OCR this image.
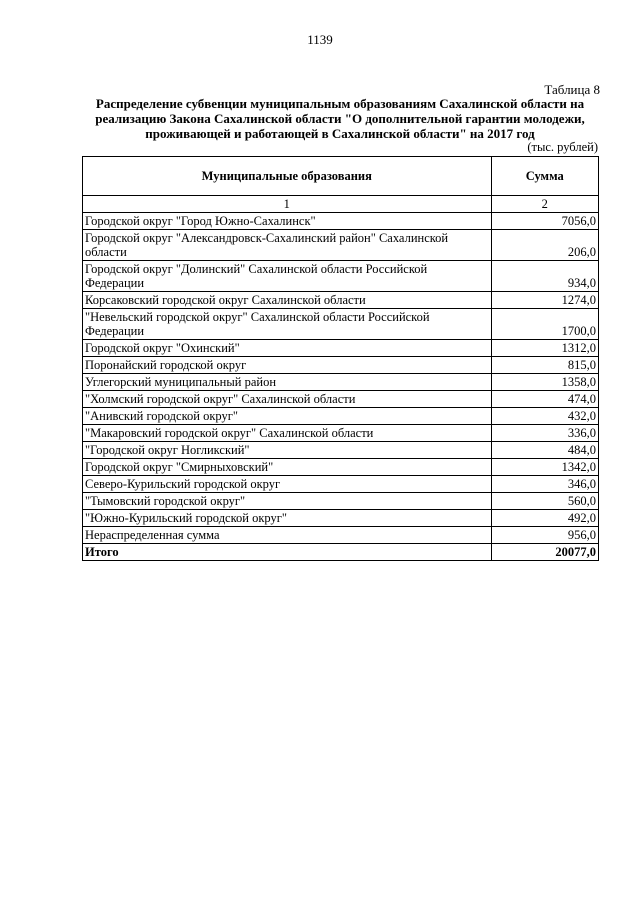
1139
Таблица 8
Распределение субвенции муниципальным образованиям Сахалинской области на реализацию Закона Сахалинской области "О дополнительной гарантии молодежи, проживающей и работающей в Сахалинской области" на 2017 год
(тыс. рублей)
Муниципальные образования	Сумма
1	2
Городской округ "Город Южно-Сахалинск"	7056,0
Городской округ "Александровск-Сахалинский район" Сахалинской области	206,0
Городской округ "Долинский" Сахалинской области Российской Федерации	934,0
Корсаковский городской округ Сахалинской области	1274,0
"Невельский городской округ" Сахалинской области Российской Федерации	1700,0
Городской округ "Охинский"	1312,0
Поронайский городской округ	815,0
Углегорский муниципальный район	1358,0
"Холмский городской округ" Сахалинской области	474,0
"Анивский городской округ"	432,0
"Макаровский городской округ" Сахалинской области	336,0
"Городской округ Ногликский"	484,0
Городской округ "Смирныховский"	1342,0
Северо-Курильский городской округ	346,0
"Тымовский городской округ"	560,0
"Южно-Курильский городской округ"	492,0
Нераспределенная сумма	956,0
Итого	20077,0
